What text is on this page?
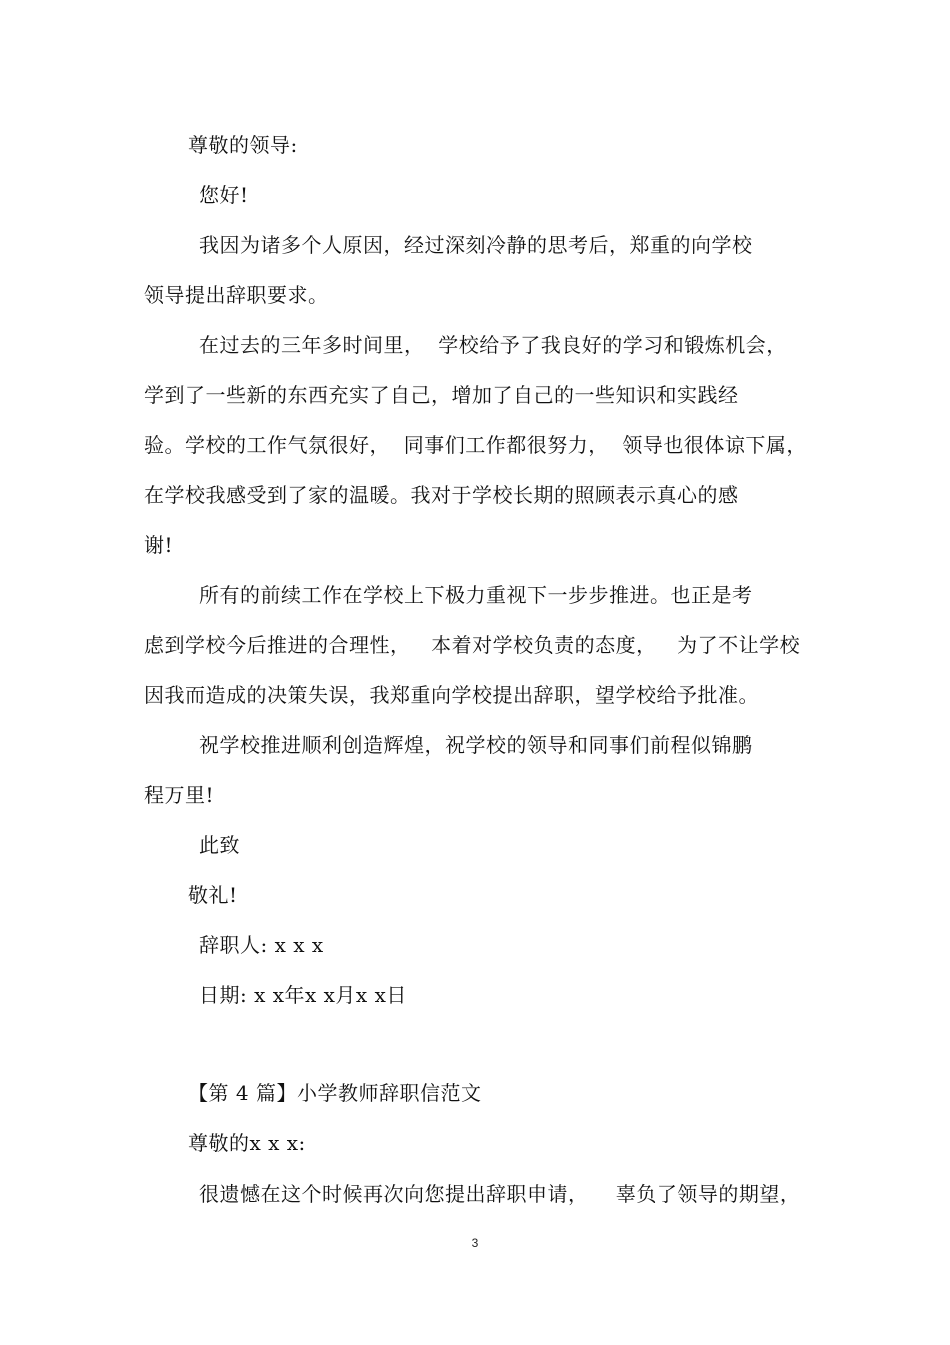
尊敬的领导:
您好!
我因为诸多个人原因，经过深刻冷静的思考后，郑重的向学校
领导提出辞职要求。
在过去的三年多时间里，  学校给予了我良好的学习和锻炼机会，
学到了一些新的东西充实了自己，增加了自己的一些知识和实践经
验。学校的工作气氛很好，  同事们工作都很努力，  领导也很体谅下属，
在学校我感受到了家的温暖。我对于学校长期的照顾表示真心的感
谢!
所有的前续工作在学校上下极力重视下一步步推进。也正是考
虑到学校今后推进的合理性，   本着对学校负责的态度，   为了不让学校
因我而造成的决策失误，我郑重向学校提出辞职，望学校给予批准。
祝学校推进顺利创造辉煌，祝学校的领导和同事们前程似锦鹏
程万里!
此致
敬礼!
辞职人: x x x
日期: x x年x x月x x日
【第 4 篇】小学教师辞职信范文
尊敬的x x x:
很遗憾在这个时候再次向您提出辞职申请，    辜负了领导的期望，
3
